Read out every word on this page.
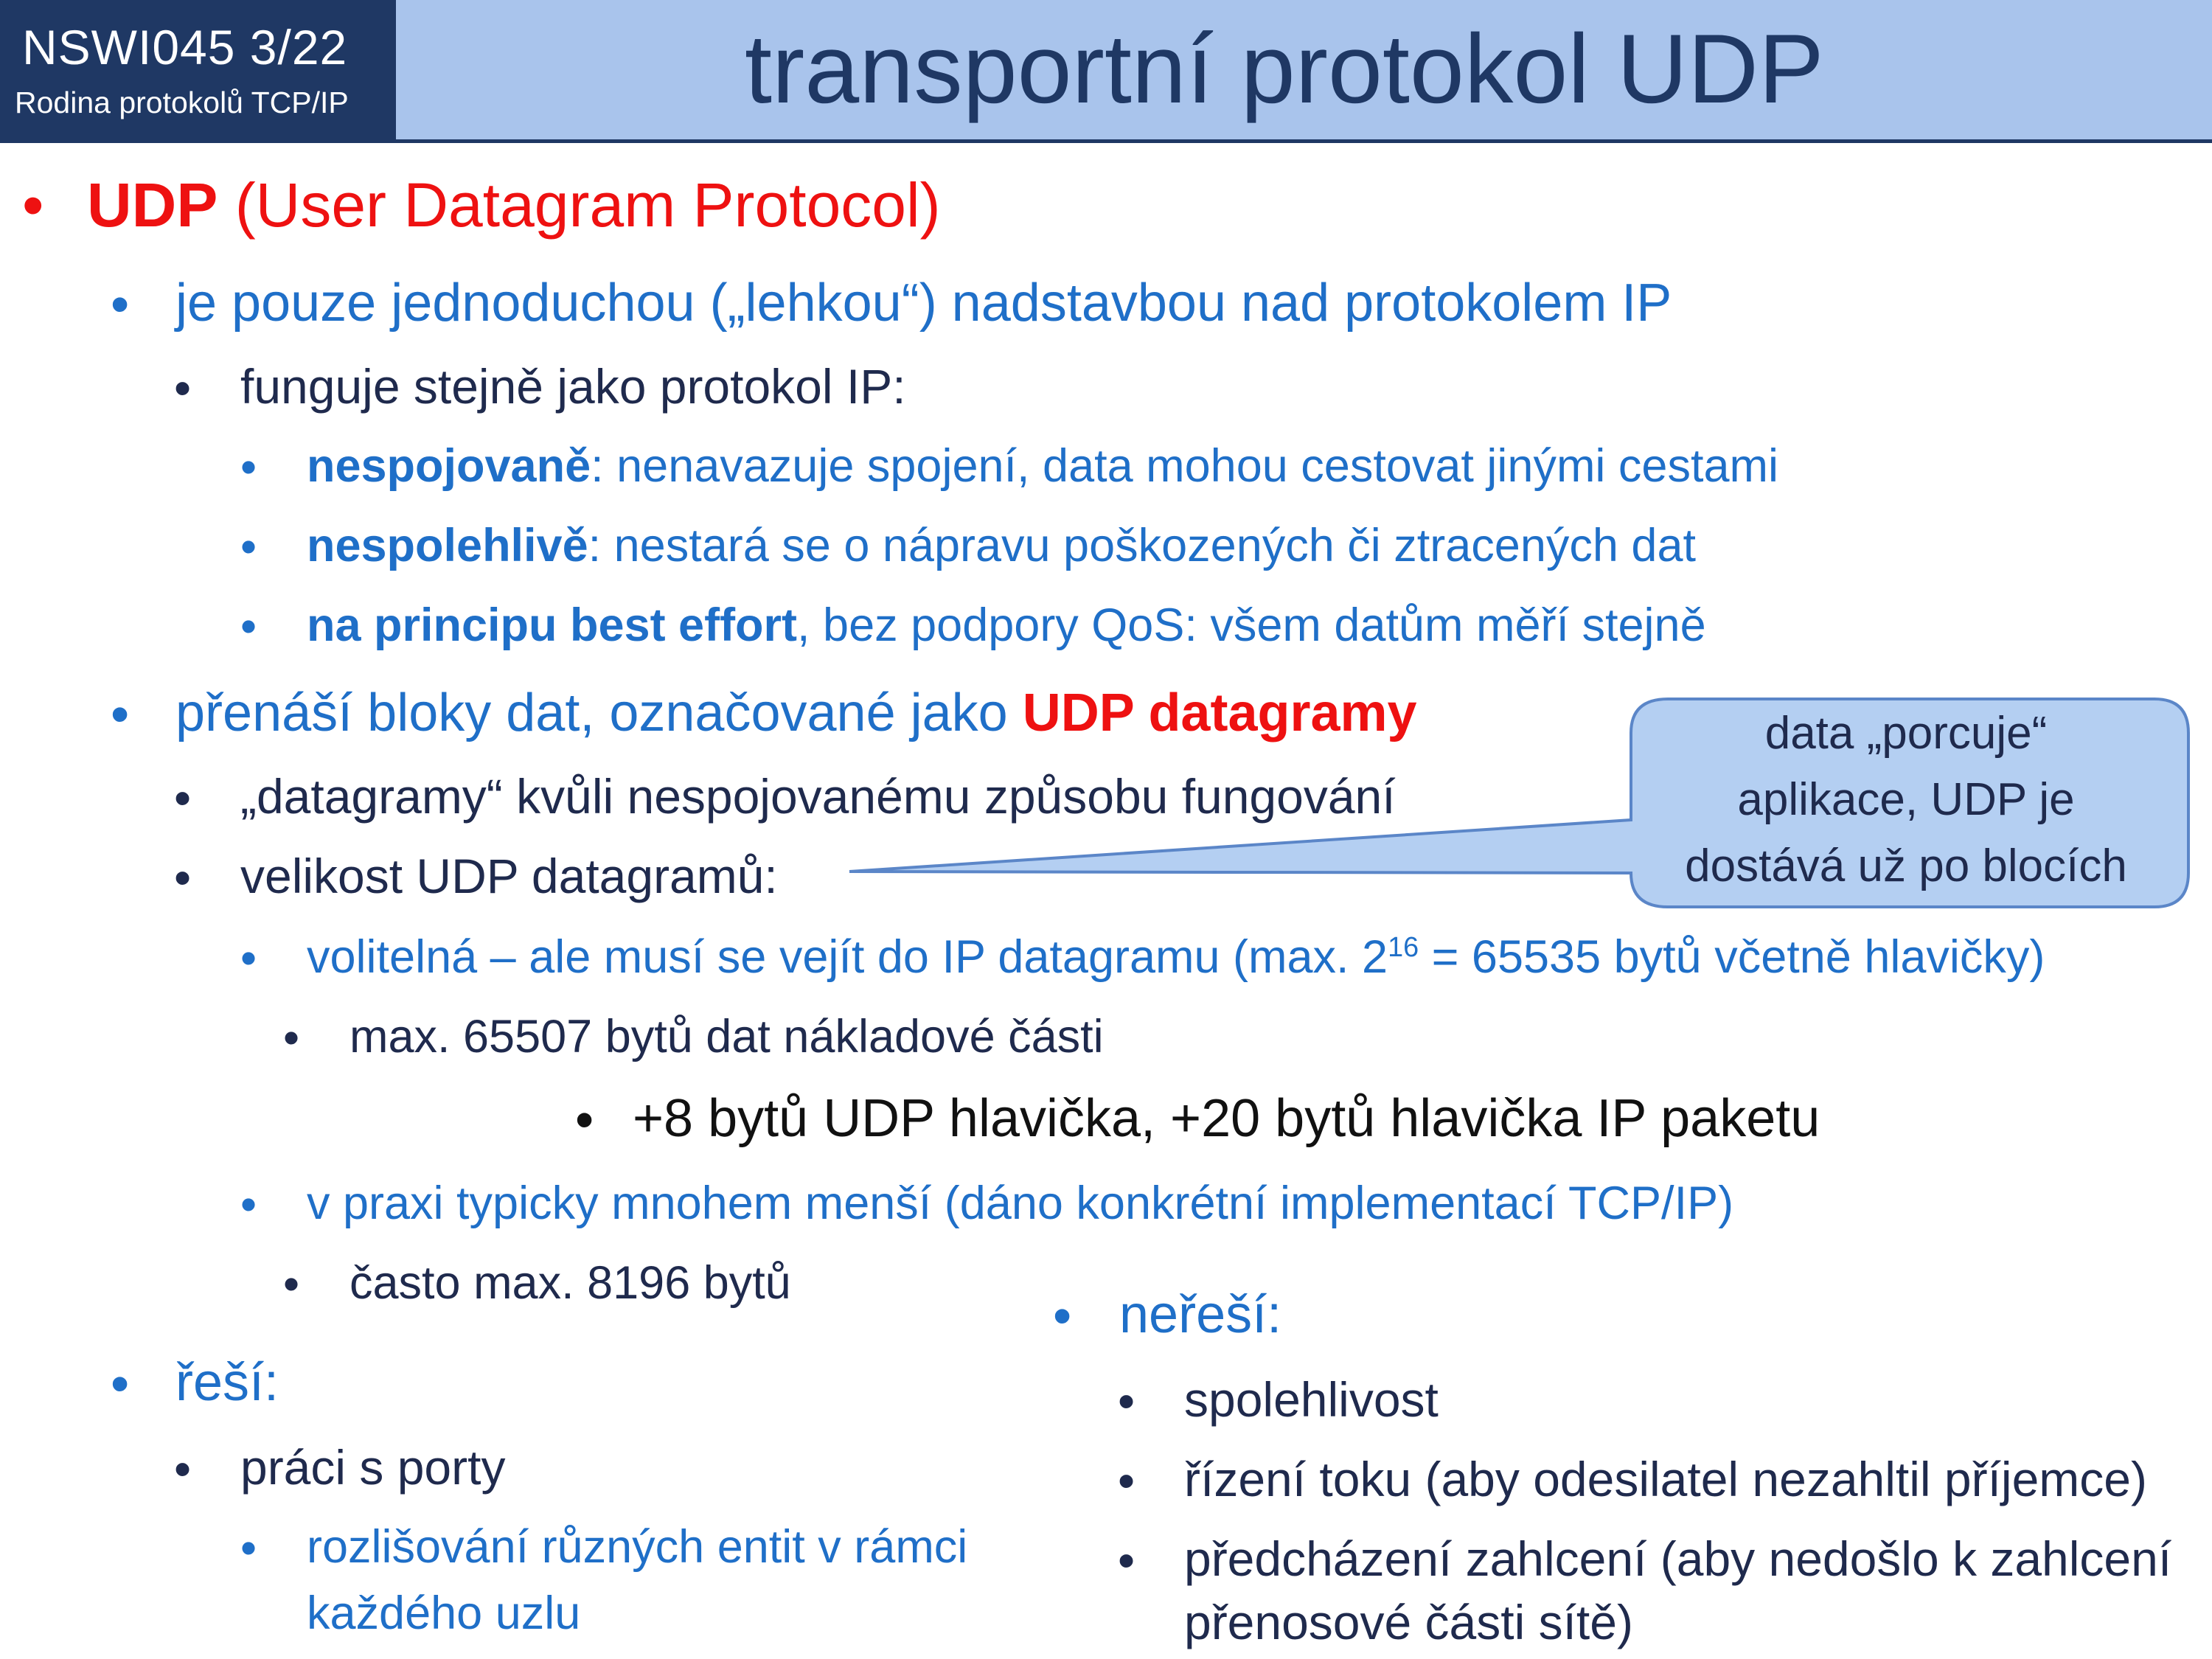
NSWI045 3/22
Rodina protokolů TCP/IP	transportní protokol UDP
data „porcuje“
aplikace, UDP je
dostává už po blocích
• UDP (User Datagram Protocol)
• je pouze jednoduchou („lehkou“) nadstavbou nad protokolem IP
• funguje stejně jako protokol IP:
• nespojovaně: nenavazuje spojení, data mohou cestovat jinými cestami
• nespolehlivě: nestará se o nápravu poškozených či ztracených dat
• na principu best effort, bez podpory QoS: všem datům měří stejně
• přenáší bloky dat, označované jako UDP datagramy
• „datagramy“ kvůli nespojovanému způsobu fungování
• velikost UDP datagramů:
• volitelná – ale musí se vejít do IP datagramu (max. $2^{16} = 65535$ bytů včetně hlavičky)
• max. 65507 bytů dat nákladové části
• +8 bytů UDP hlavička, +20 bytů hlavička IP paketu
• v praxi typicky mnohem menší (dáno konkrétní implementací TCP/IP)
• často max. 8196 bytů
• řeší:
• práci s porty
• rozlišování různých entit v rámci
každého uzlu
• neřeší:
• spolehlivost
• řízení toku (aby odesilatel nezahltil příjemce)
• předcházení zahlcení (aby nedošlo k zahlcení
přenosové části sítě)
